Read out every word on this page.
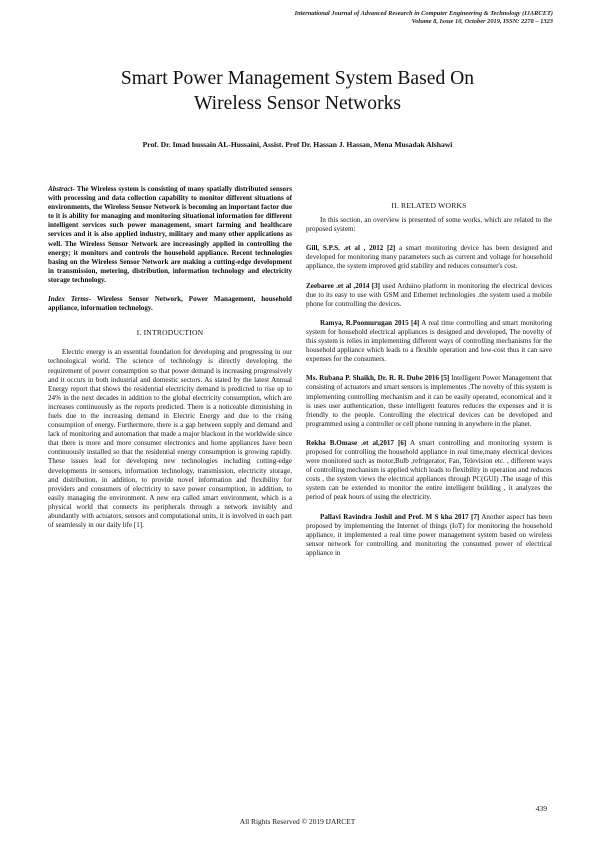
International Journal of Advanced Research in Computer Engineering & Technology (IJARCET)
Volume 8, Issue 10, October 2019, ISSN: 2278 – 1323
Smart Power Management System Based On
Wireless Sensor Networks
Prof. Dr. Imad hussain AL-Hussaini, Assist. Prof Dr. Hassan J. Hassan, Mena Musadak Alshawi

Abstract- The Wireless system is consisting of many spatially distributed sensors with processing and data collection capability to monitor different situations of environments, the Wireless Sensor Network is becoming an important factor due to it is ability for managing and monitoring situational information for different intelligent services such power management, smart farming and healthcare services and it is also applied industry, military and many other applications as well. The Wireless Sensor Network are increasingly applied in controlling the energy; it monitors and controls the household appliance. Recent technologies basing on the Wireless Sensor Network are making a cutting-edge development in transmission, metering, distribution, information technology and electricity storage technology.

Index Terms- Wireless Sensor Network, Power Management, household appliance, information technology.

I. INTRODUCTION

Electric energy is an essential foundation for developing and progressing in our technological world. The science of technology is directly developing the requirement of power consumption so that power demand is increasing progressively and it occurs in both industrial and domestic sectors. As stated by the latest Annual Energy report that shows the residential electricity demand is predicted to rise up to 24% in the next decades in addition to the global electricity consumption, which are increases continuously as the reports predicted. There is a noticeable diminishing in fuels due to the increasing demand in Electric Energy and due to the rising consumption of energy. Furthermore, there is a gap between supply and demand and lack of monitoring and automation that made a major blackout in the worldwide since that there is more and more consumer electronics and home appliances have been continuously installed so that the residential energy consumption is growing rapidly. These issues lead for developing new technologies including cutting-edge developments in sensors, information technology, transmission, electricity storage, and distribution, in addition, to provide novel information and flexibility for providers and consumers of electricity to save power consumption, in addition, to easily managing the environment. A new era called smart environment, which is a physical world that connects its peripherals through a network invisibly and abundantly with actuators, sensors and computational units, it is involved in each part of seamlessly in our daily life [1].

II. RELATED WORKS

In this section, an overview is presented of some works, which are related to the proposed system:

Gill, S.P.S. .et al , 2012 [2] a smart monitoring device has been designed and developed for monitoring many parameters such as current and voltage for household appliance, the system improved grid stability and reduces consumer's cost.

Zeebaree .et al ,2014 [3] used Arduino platform in monitoring the electrical devices due to its easy to use with GSM and Ethernet technologies .the system used a mobile phone for controlling the devices.

Ramya, R.Poomurugan 2015 [4] A real time controlling and smart monitoring system for household electrical appliances is designed and developed, The novelty of this system is relies in implementing different ways of controlling mechanisms for the household appliance which leads to a flexible operation and low-cost thus it can save expenses for the consumers.

Ms. Rubana P. Shaikh, Dr. R. R. Dube 2016 [5] Intelligent Power Management that consisting of actuators and smart sensors is implementes ,The novelty of this system is implementing controlling mechanism and it can be easily operated, economical and it is uses user authentication, these intelligent features reduces the expenses and it is friendly to the people. Controlling the electrical devices can be developed and programmed using a controller or cell phone running in anywhere in the planet.

Rekha B.Omase .et al,2017 [6] A smart controlling and monitoring system is proposed for controlling the household appliance in real time,many electrical devices were monitored such as motor,Bulb ,refrigerator, Fan, Television etc. , different ways of controlling mechanism is applied which leads to flexibility in operation and reduces costs , the system views the electrical appliances through PC(GUI) .The usage of this system can be extended to monitor the entire intelligent building , it analyzes the period of peak hours of using the electricity.

Pallavi Ravindra Joshil and Prof. M S kha 2017 [7] Another aspect has been proposed by implementing the Internet of things (IoT) for monitoring the household appliance, it implemented a real time power management system based on wireless sensor network for controlling and monitoring the consumed power of electrical appliance in

439
All Rights Reserved © 2019 IJARCET
